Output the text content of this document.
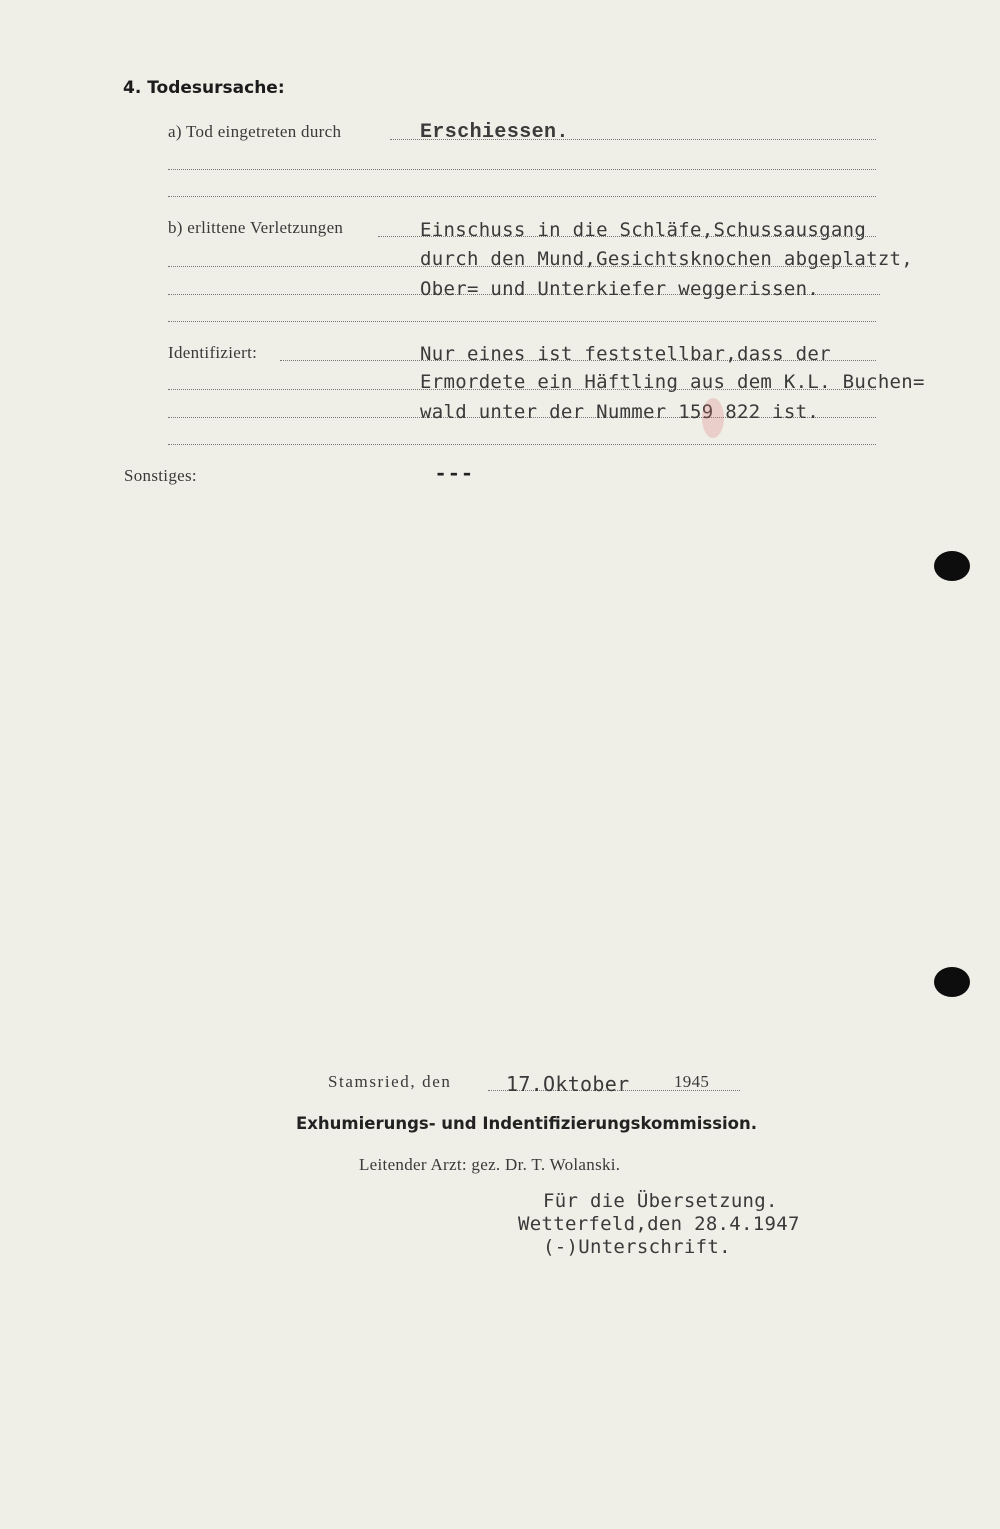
4. Todesursache:
a) Tod eingetreten durch	Erschiessen.
b) erlittene Verletzungen	Einschuss in die Schläfe,Schussausgang
durch den Mund,Gesichtsknochen abgeplatzt,
Ober= und Unterkiefer weggerissen.
Identifiziert:	Nur eines ist feststellbar,dass der
Ermordete ein Häftling aus dem K.L. Buchen=
wald unter der Nummer 159 822 ist.
Sonstiges:	---
Stamsried, den	17.Oktober	1945
Exhumierungs- und Indentifizierungskommission.
Leitender Arzt: gez. Dr. T. Wolanski.
Für die Übersetzung.
Wetterfeld,den 28.4.1947
(-)Unterschrift.
